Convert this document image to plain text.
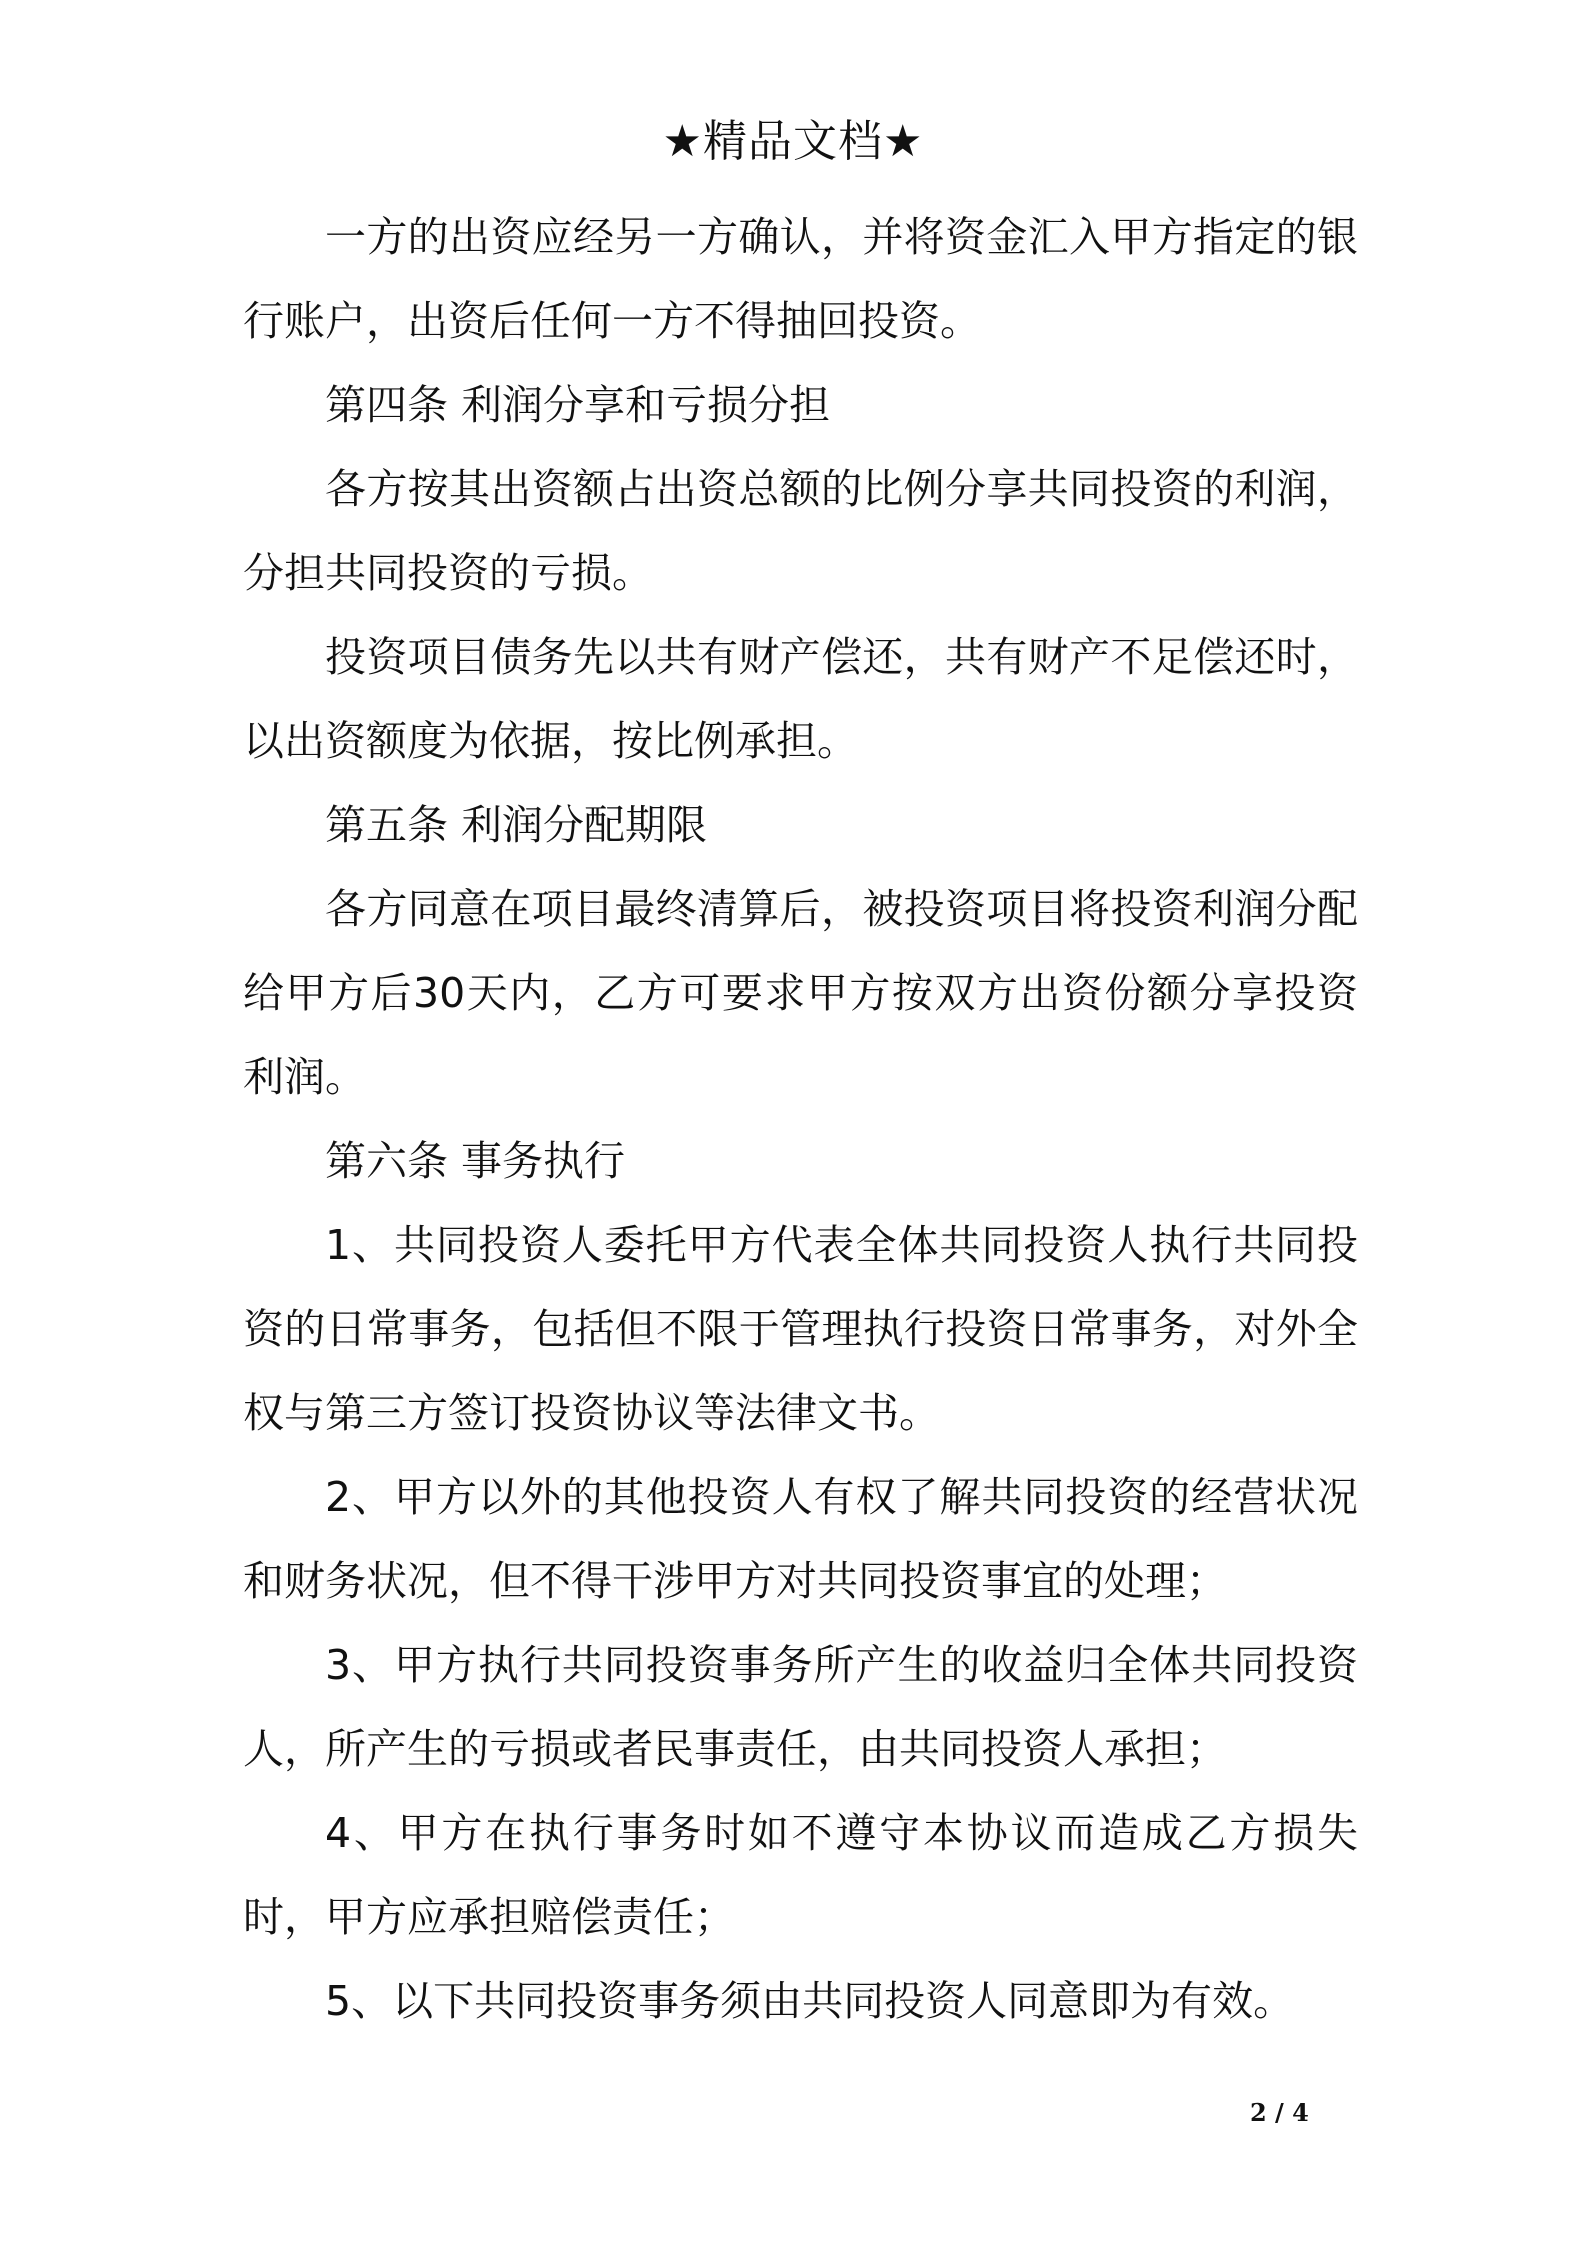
★精品文档★

一方的出资应经另一方确认，并将资金汇入甲方指定的银行账户，出资后任何一方不得抽回投资。

第四条 利润分享和亏损分担

各方按其出资额占出资总额的比例分享共同投资的利润，分担共同投资的亏损。

投资项目债务先以共有财产偿还，共有财产不足偿还时，以出资额度为依据，按比例承担。

第五条 利润分配期限

各方同意在项目最终清算后，被投资项目将投资利润分配给甲方后30天内，乙方可要求甲方按双方出资份额分享投资利润。

第六条 事务执行

1、共同投资人委托甲方代表全体共同投资人执行共同投资的日常事务，包括但不限于管理执行投资日常事务，对外全权与第三方签订投资协议等法律文书。

2、甲方以外的其他投资人有权了解共同投资的经营状况和财务状况，但不得干涉甲方对共同投资事宜的处理；

3、甲方执行共同投资事务所产生的收益归全体共同投资人，所产生的亏损或者民事责任，由共同投资人承担；

4、甲方在执行事务时如不遵守本协议而造成乙方损失时，甲方应承担赔偿责任；

5、以下共同投资事务须由共同投资人同意即为有效。

2 / 4
